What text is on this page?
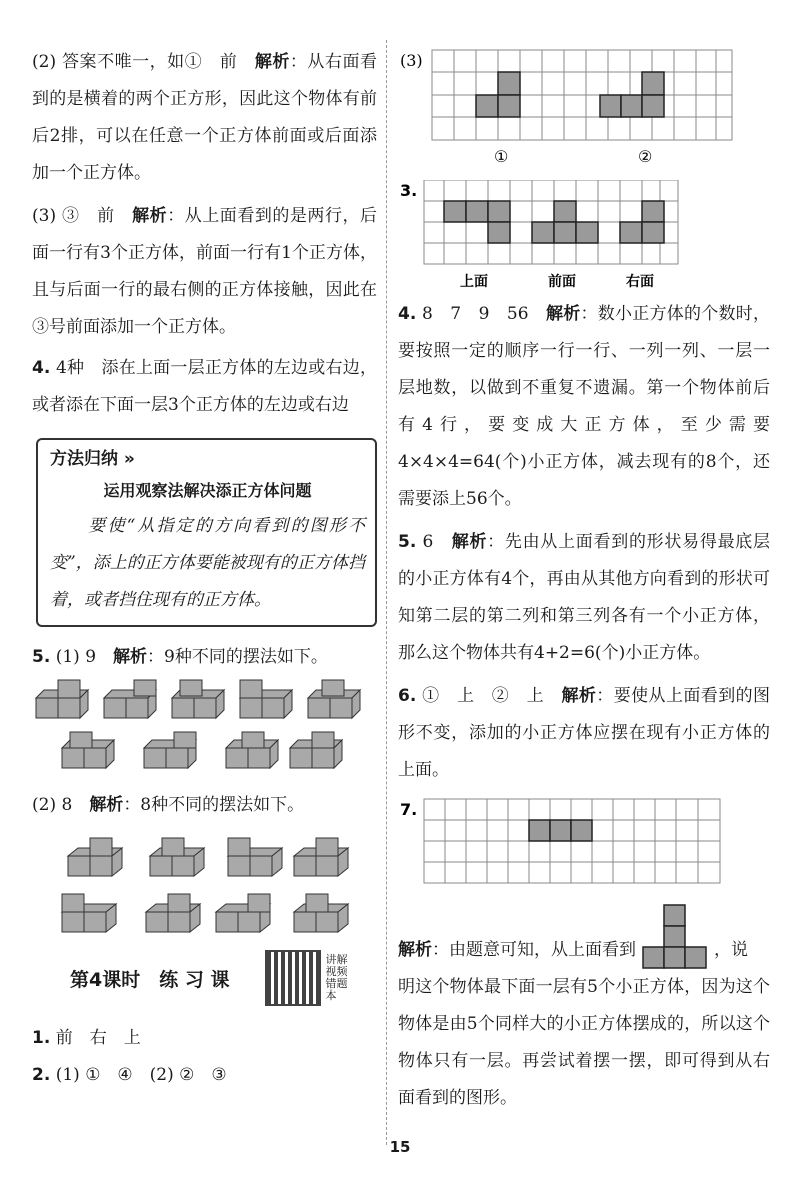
(2) 答案不唯一，如①　前　 解析：从右面看到的是横着的两个正方形，因此这个物体有前后2排，可以在任意一个正方体前面或后面添加一个正方体。

(3) ③　前　 解析：从上面看到的是两行，后面一行有3个正方体，前面一行有1个正方体，且与后面一行的最右侧的正方体接触，因此在③号前面添加一个正方体。

4. 4种　添在上面一层正方体的左边或右边，或者添在下面一层3个正方体的左边或右边

方法归纳 »
运用观察法解决添正方体问题

　　要使“从指定的方向看到的图形不变”，添上的正方体要能被现有的正方体挡着，或者挡住现有的正方体。

5. (1) 9　 解析：9种不同的摆法如下。

(2) 8　 解析：8种不同的摆法如下。

第4课时　练 习 课
讲解视频 错题本

1. 前　右　上

2. (1) ①　④　(2) ②　③

(3)
①	②
3.
上面	前面	右面

4. 8　7　9　56　 解析：数小正方体的个数时，要按照一定的顺序一行一行、一列一列、一层一层地数，以做到不重复不遗漏。第一个物体前后有4行，要变成大正方体，至少需要4×4×4=64(个)小正方体，减去现有的8个，还需要添上56个。

5. 6　 解析：先由从上面看到的形状易得最底层的小正方体有4个，再由从其他方向看到的形状可知第二层的第二列和第三列各有一个小正方体，那么这个物体共有4+2=6(个)小正方体。

6. ①　上　②　上　 解析：要使从上面看到的图形不变，添加的小正方体应摆在现有小正方体的上面。

7.
解析 ：由题意可知，从上面看到	，说

明这个物体最下面一层有5个小正方体，因为这个物体是由5个同样大的小正方体摆成的，所以这个物体只有一层。再尝试着摆一摆，即可得到从右面看到的图形。

15
